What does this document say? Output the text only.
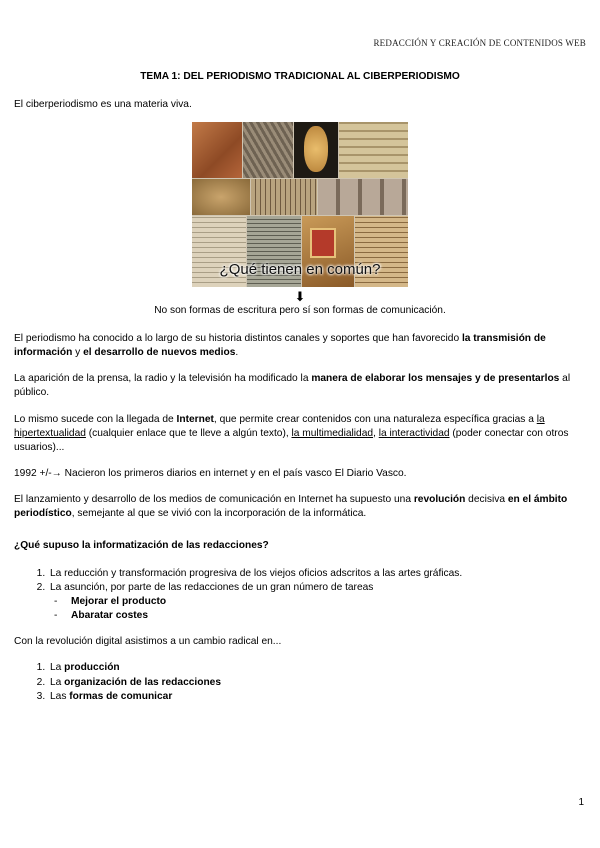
REDACCIÓN Y CREACIÓN DE CONTENIDOS WEB

TEMA 1: DEL PERIODISMO TRADICIONAL AL CIBERPERIODISMO

El ciberperiodismo es una materia viva.

¿Qué tienen en común?
⬇

No son formas de escritura pero sí son formas de comunicación.

El periodismo ha conocido a lo largo de su historia distintos canales y soportes que han favorecido la transmisión de información y el desarrollo de nuevos medios.

La aparición de la prensa, la radio y la televisión ha modificado la manera de elaborar los mensajes y de presentarlos al público.

Lo mismo sucede con la llegada de Internet, que permite crear contenidos con una naturaleza específica gracias a la hipertextualidad (cualquier enlace que te lleve a algún texto), la multimedialidad, la interactividad (poder conectar con otros usuarios)...

1992 +/-→ Nacieron los primeros diarios en internet y en el país vasco El Diario Vasco.

El lanzamiento y desarrollo de los medios de comunicación en Internet ha supuesto una revolución decisiva en el ámbito periodístico, semejante al que se vivió con la incorporación de la informática.

¿Qué supuso la informatización de las redacciones?

1. La reducción y transformación progresiva de los viejos oficios adscritos a las artes gráficas.
2. La asunción, por parte de las redacciones de un gran número de tareas
- Mejorar el producto
- Abaratar costes

Con la revolución digital asistimos a un cambio radical en...

1. La producción
2. La organización de las redacciones
3. Las formas de comunicar
1
